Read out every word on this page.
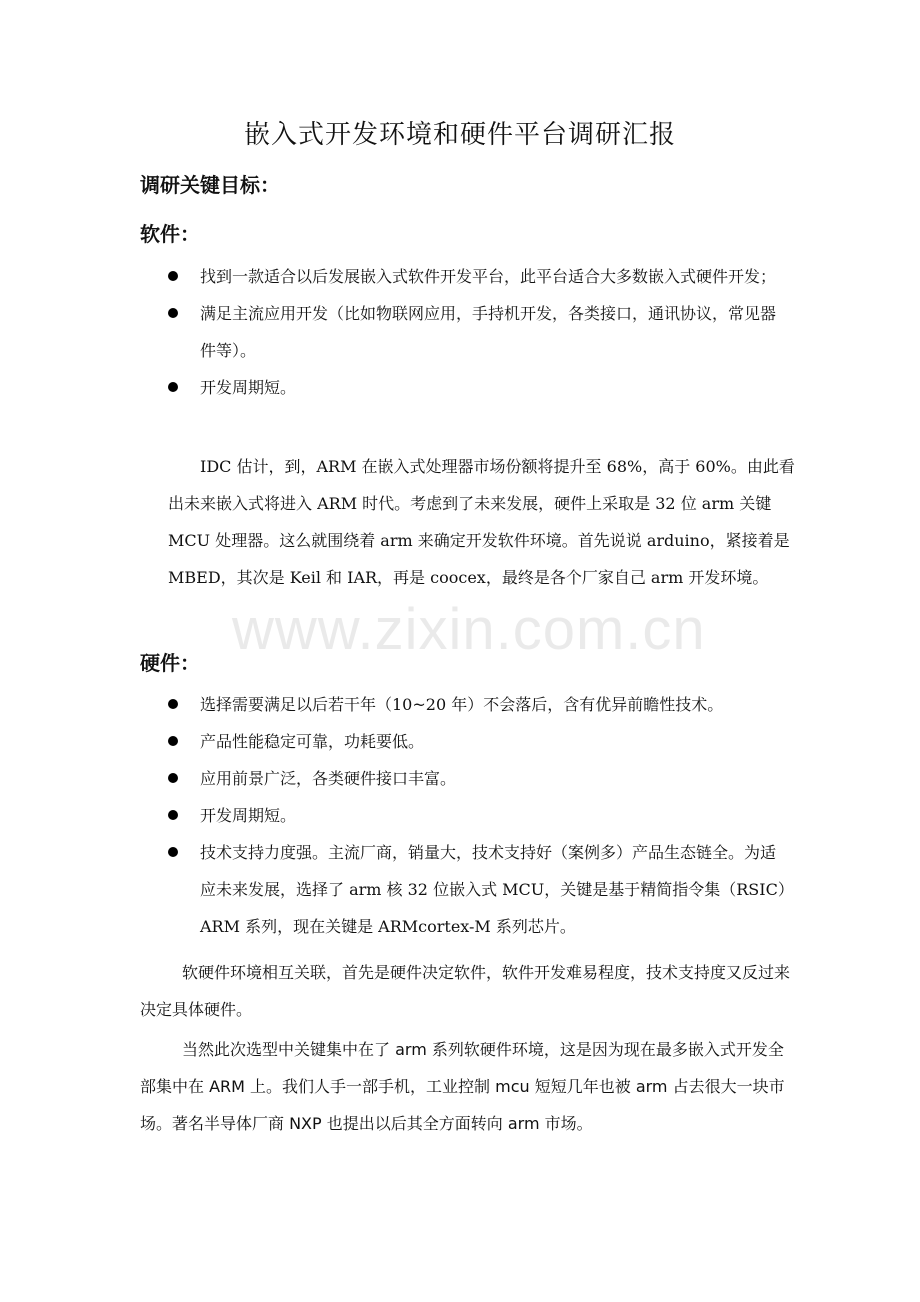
嵌入式开发环境和硬件平台调研汇报
调研关键目标：
软件：
找到一款适合以后发展嵌入式软件开发平台，此平台适合大多数嵌入式硬件开发；
满足主流应用开发（比如物联网应用，手持机开发，各类接口，通讯协议，常见器件等）。
开发周期短。

IDC 估计，到，ARM 在嵌入式处理器市场份额将提升至 68%，高于 60%。由此看出未来嵌入式将进入 ARM 时代。考虑到了未来发展，硬件上采取是 32 位 arm 关键 MCU 处理器。这么就围绕着 arm 来确定开发软件环境。首先说说 arduino，紧接着是 MBED，其次是 Keil 和 IAR，再是 coocex，最终是各个厂家自己 arm 开发环境。

www.zixin.com.cn
硬件：
选择需要满足以后若干年（10~20 年）不会落后，含有优异前瞻性技术。
产品性能稳定可靠，功耗要低。
应用前景广泛，各类硬件接口丰富。
开发周期短。
技术支持力度强。主流厂商，销量大，技术支持好（案例多）产品生态链全。为适应未来发展，选择了 arm 核 32 位嵌入式 MCU，关键是基于精简指令集（RSIC）ARM 系列，现在关键是 ARMcortex-M 系列芯片。

软硬件环境相互关联，首先是硬件决定软件，软件开发难易程度，技术支持度又反过来决定具体硬件。

当然此次选型中关键集中在了 arm 系列软硬件环境，这是因为现在最多嵌入式开发全部集中在 ARM 上。我们人手一部手机，工业控制 mcu 短短几年也被 arm 占去很大一块市场。著名半导体厂商 NXP 也提出以后其全方面转向 arm 市场。
